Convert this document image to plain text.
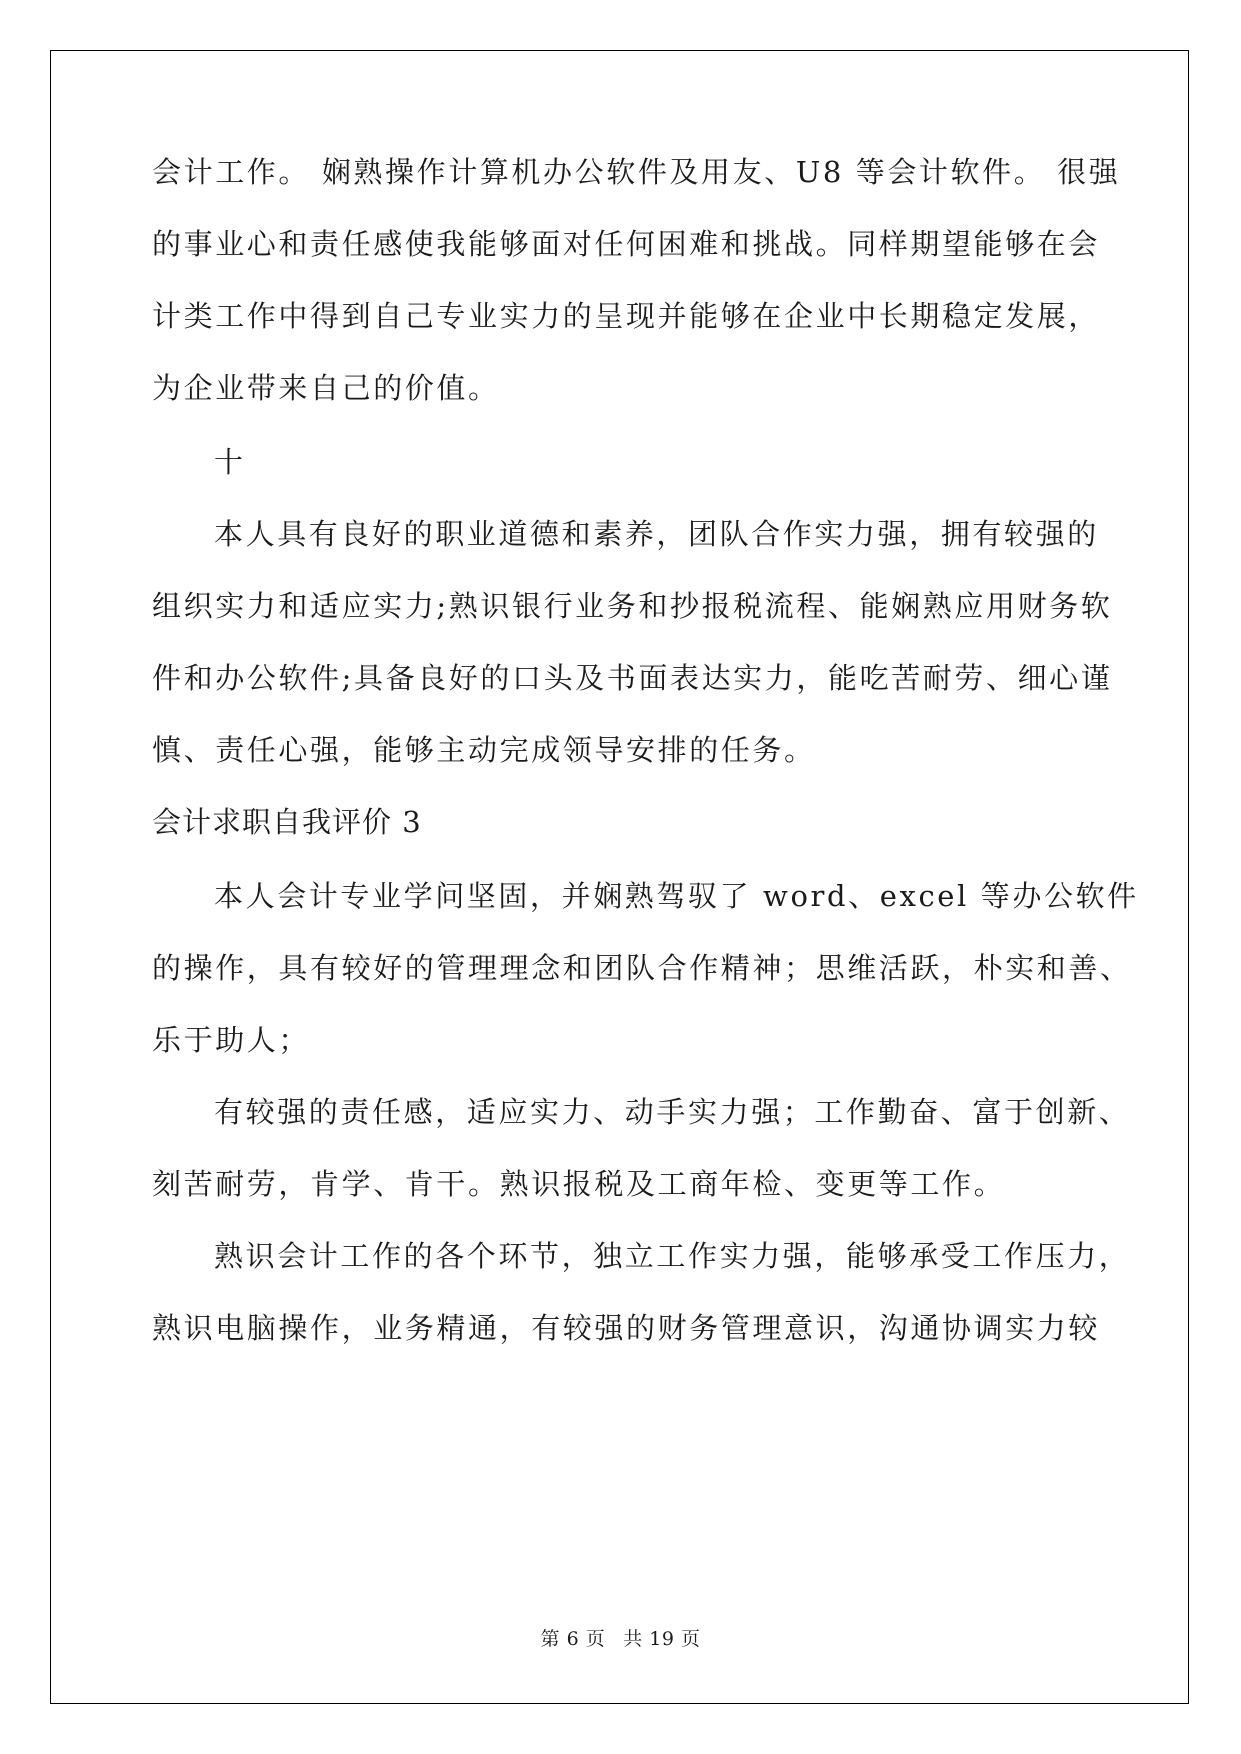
会计工作。 娴熟操作计算机办公软件及用友、U8 等会计软件。 很强
的事业心和责任感使我能够面对任何困难和挑战。同样期望能够在会
计类工作中得到自己专业实力的呈现并能够在企业中长期稳定发展，
为企业带来自己的价值。
十
本人具有良好的职业道德和素养，团队合作实力强，拥有较强的
组织实力和适应实力;熟识银行业务和抄报税流程、能娴熟应用财务软
件和办公软件;具备良好的口头及书面表达实力，能吃苦耐劳、细心谨
慎、责任心强，能够主动完成领导安排的任务。
会计求职自我评价 3
本人会计专业学问坚固，并娴熟驾驭了 word、excel 等办公软件
的操作，具有较好的管理理念和团队合作精神；思维活跃，朴实和善、
乐于助人；
有较强的责任感，适应实力、动手实力强；工作勤奋、富于创新、
刻苦耐劳，肯学、肯干。熟识报税及工商年检、变更等工作。
熟识会计工作的各个环节，独立工作实力强，能够承受工作压力，
熟识电脑操作，业务精通，有较强的财务管理意识，沟通协调实力较
第 6 页 共 19 页
